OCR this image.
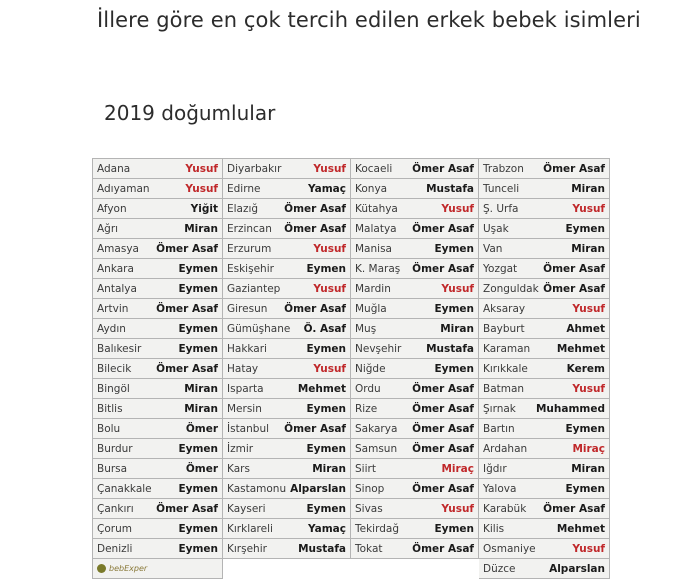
İllere göre en çok tercih edilen erkek bebek isimleri
2019 doğumlular
Adana Yusuf	Diyarbakır Yusuf	Kocaeli Ömer Asaf	Trabzon Ömer Asaf

Adıyaman Yusuf	Edirne Yamaç	Konya Mustafa	Tunceli Miran

Afyon Yiğit	Elazığ Ömer Asaf	Kütahya Yusuf	Ş. Urfa Yusuf

Ağrı Miran	Erzincan Ömer Asaf	Malatya Ömer Asaf	Uşak Eymen

Amasya Ömer Asaf	Erzurum Yusuf	Manisa Eymen	Van Miran

Ankara Eymen	Eskişehir Eymen	K. Maraş Ömer Asaf	Yozgat Ömer Asaf

Antalya Eymen	Gaziantep Yusuf	Mardin Yusuf	Zonguldak Ömer Asaf

Artvin Ömer Asaf	Giresun Ömer Asaf	Muğla Eymen	Aksaray Yusuf

Aydın Eymen	Gümüşhane Ö. Asaf	Muş Miran	Bayburt Ahmet

Balıkesir Eymen	Hakkari Eymen	Nevşehir Mustafa	Karaman Mehmet

Bilecik Ömer Asaf	Hatay Yusuf	Niğde Eymen	Kırıkkale Kerem

Bingöl Miran	Isparta Mehmet	Ordu Ömer Asaf	Batman Yusuf

Bitlis Miran	Mersin Eymen	Rize Ömer Asaf	Şırnak Muhammed

Bolu Ömer	İstanbul Ömer Asaf	Sakarya Ömer Asaf	Bartın Eymen

Burdur Eymen	İzmir Eymen	Samsun Ömer Asaf	Ardahan Miraç

Bursa Ömer	Kars Miran	Siirt Miraç	Iğdır Miran

Çanakkale Eymen	Kastamonu Alparslan	Sinop Ömer Asaf	Yalova Eymen

Çankırı Ömer Asaf	Kayseri Eymen	Sivas Yusuf	Karabük Ömer Asaf

Çorum Eymen	Kırklareli Yamaç	Tekirdağ Eymen	Kilis Mehmet

Denizli Eymen	Kırşehir Mustafa	Tokat Ömer Asaf	Osmaniye Yusuf

bebExper			Düzce Alparslan
